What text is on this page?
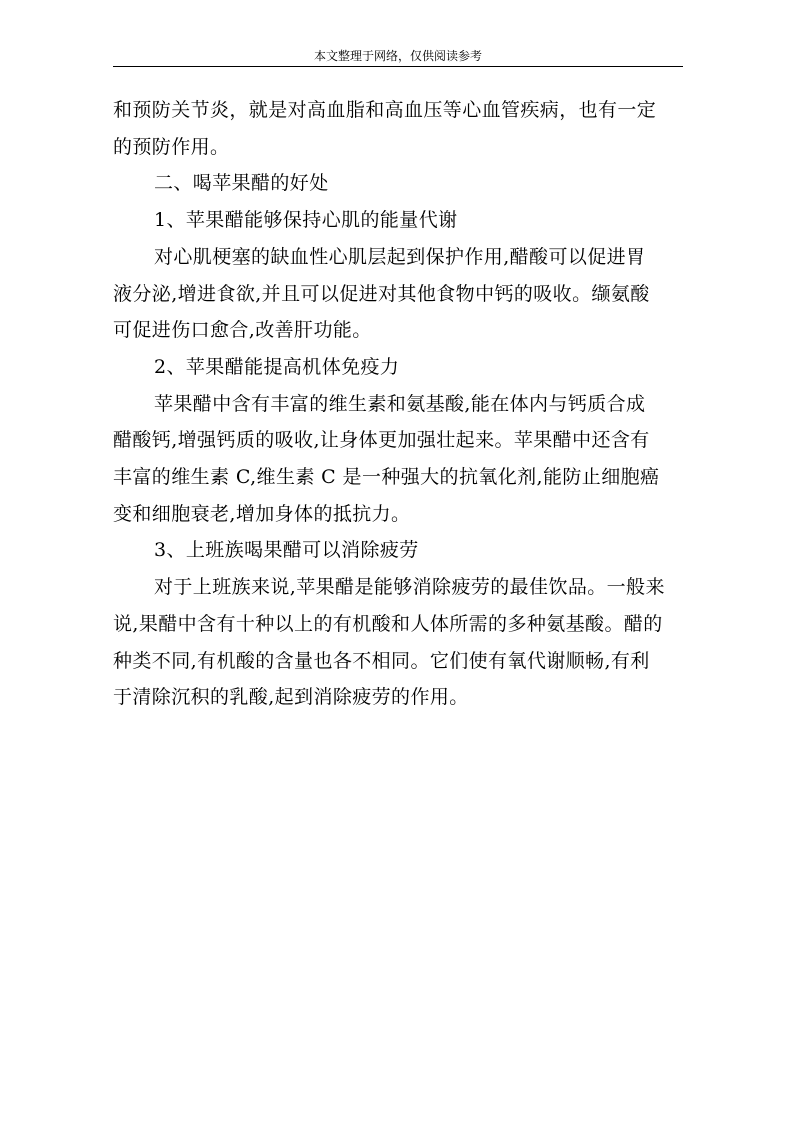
本文整理于网络，仅供阅读参考

和预防关节炎，就是对高血脂和高血压等心血管疾病，也有一定
的预防作用。

二、喝苹果醋的好处

1、苹果醋能够保持心肌的能量代谢

对心肌梗塞的缺血性心肌层起到保护作用,醋酸可以促进胃
液分泌,增进食欲,并且可以促进对其他食物中钙的吸收。缬氨酸
可促进伤口愈合,改善肝功能。

2、苹果醋能提高机体免疫力

苹果醋中含有丰富的维生素和氨基酸,能在体内与钙质合成
醋酸钙,增强钙质的吸收,让身体更加强壮起来。苹果醋中还含有
丰富的维生素 C,维生素 C 是一种强大的抗氧化剂,能防止细胞癌
变和细胞衰老,增加身体的抵抗力。

3、上班族喝果醋可以消除疲劳

对于上班族来说,苹果醋是能够消除疲劳的最佳饮品。一般来
说,果醋中含有十种以上的有机酸和人体所需的多种氨基酸。醋的
种类不同,有机酸的含量也各不相同。它们使有氧代谢顺畅,有利
于清除沉积的乳酸,起到消除疲劳的作用。
